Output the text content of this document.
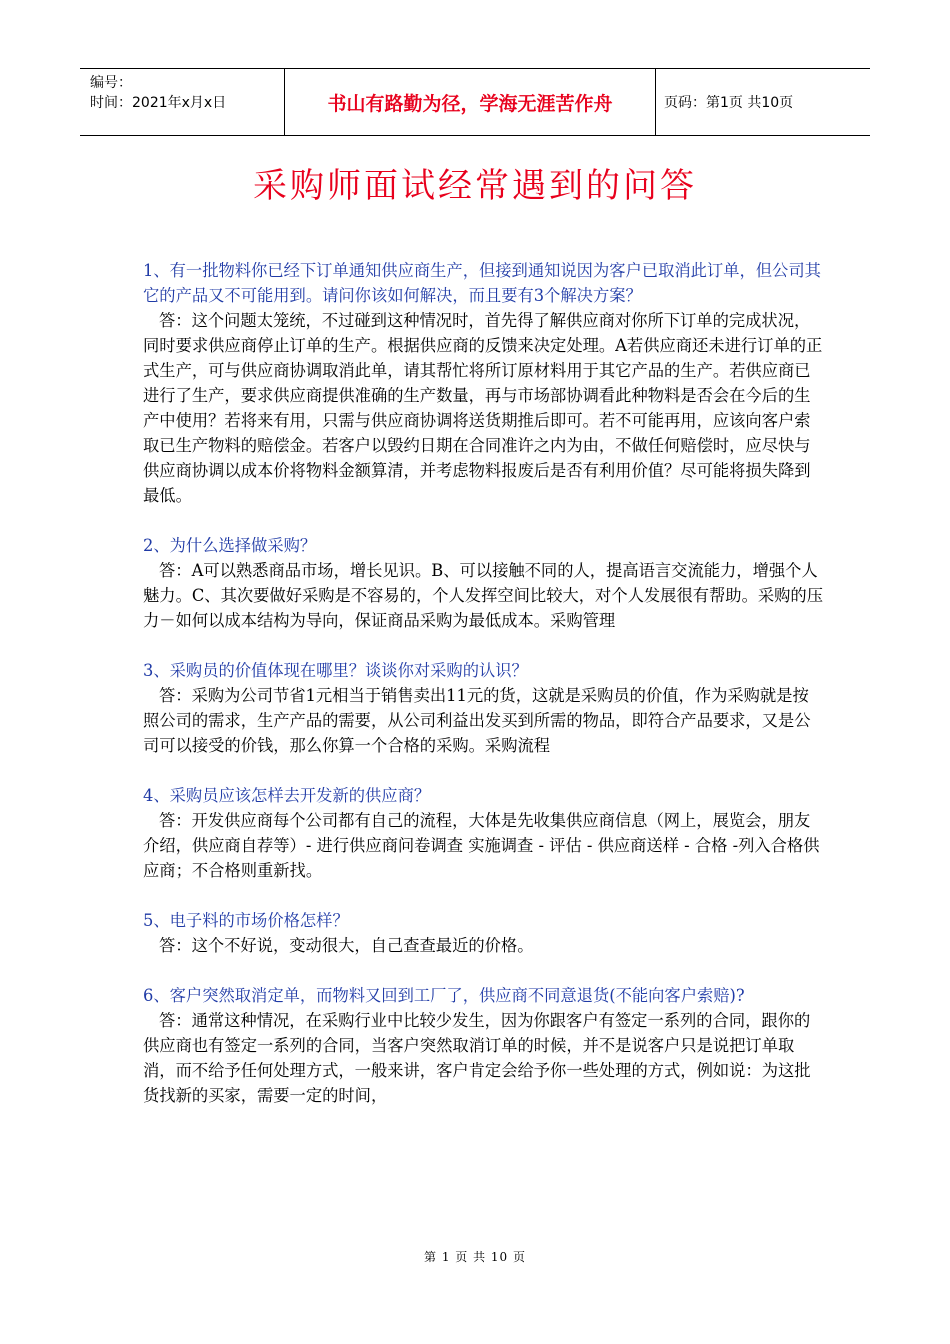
编号：
时间：2021年x月x日	书山有路勤为径，学海无涯苦作舟	页码：第1页 共10页
采购师面试经常遇到的问答

1、有一批物料你已经下订单通知供应商生产，但接到通知说因为客户已取消此订单，但公司其它的产品又不可能用到。请问你该如何解决，而且要有3个解决方案？

答：这个问题太笼统，不过碰到这种情况时，首先得了解供应商对你所下订单的完成状况，同时要求供应商停止订单的生产。根据供应商的反馈来决定处理。A若供应商还未进行订单的正式生产，可与供应商协调取消此单，请其帮忙将所订原材料用于其它产品的生产。若供应商已进行了生产，要求供应商提供准确的生产数量，再与市场部协调看此种物料是否会在今后的生产中使用？若将来有用，只需与供应商协调将送货期推后即可。若不可能再用，应该向客户索取已生产物料的赔偿金。若客户以毁约日期在合同准许之内为由，不做任何赔偿时，应尽快与供应商协调以成本价将物料金额算清，并考虑物料报废后是否有利用价值？尽可能将损失降到最低。

2、为什么选择做采购？

答：A可以熟悉商品市场，增长见识。B、可以接触不同的人，提高语言交流能力，增强个人魅力。C、其次要做好采购是不容易的，个人发挥空间比较大，对个人发展很有帮助。采购的压力－如何以成本结构为导向，保证商品采购为最低成本。采购管理

3、采购员的价值体现在哪里？谈谈你对采购的认识？

答：采购为公司节省1元相当于销售卖出11元的货，这就是采购员的价值，作为采购就是按照公司的需求，生产产品的需要，从公司利益出发买到所需的物品，即符合产品要求，又是公司可以接受的价钱，那么你算一个合格的采购。采购流程

4、采购员应该怎样去开发新的供应商？

答：开发供应商每个公司都有自己的流程，大体是先收集供应商信息（网上，展览会，朋友介绍，供应商自荐等）- 进行供应商问卷调查 实施调查 - 评估 - 供应商送样 - 合格 -列入合格供应商；不合格则重新找。

5、电子料的市场价格怎样？

答：这个不好说，变动很大，自己查查最近的价格。

6、客户突然取消定单，而物料又回到工厂了，供应商不同意退货(不能向客户索赔)?

答：通常这种情况，在采购行业中比较少发生，因为你跟客户有签定一系列的合同，跟你的供应商也有签定一系列的合同，当客户突然取消订单的时候，并不是说客户只是说把订单取消，而不给予任何处理方式，一般来讲，客户肯定会给予你一些处理的方式，例如说：为这批货找新的买家，需要一定的时间，

第 1 页 共 10 页
